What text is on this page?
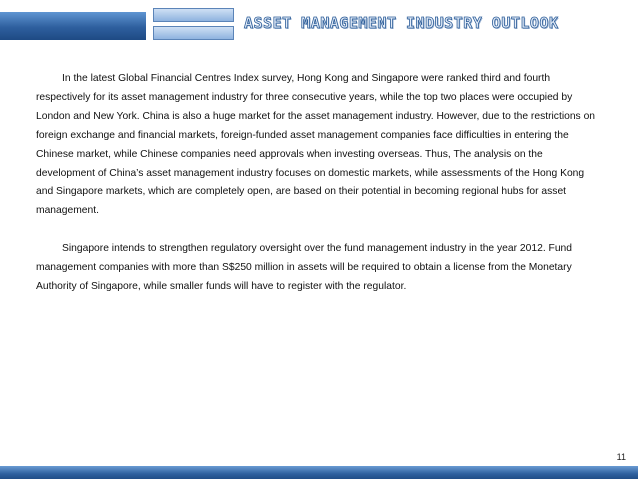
ASSET MANAGEMENT INDUSTRY OUTLOOK

In the latest Global Financial Centres Index survey, Hong Kong and Singapore were ranked third and fourth respectively for its asset management industry for three consecutive years, while the top two places were occupied by London and New York. China is also a huge market for the asset management industry. However, due to the restrictions on foreign exchange and financial markets, foreign-funded asset management companies face difficulties in entering the Chinese market, while Chinese companies need approvals when investing overseas. Thus, The analysis on the development of China’s asset management industry focuses on domestic markets, while assessments of the Hong Kong and Singapore markets, which are completely open, are based on their potential in becoming regional hubs for asset management.

Singapore intends to strengthen regulatory oversight over the fund management industry in the year 2012. Fund management companies with more than S$250 million in assets will be required to obtain a license from the Monetary Authority of Singapore, while smaller funds will have to register with the regulator.

11
